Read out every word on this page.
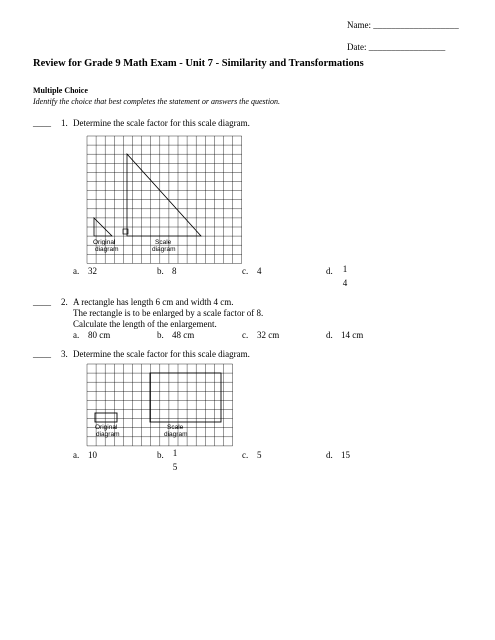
Name: ___________________
Date: _________________
Review for Grade 9 Math Exam - Unit 7 - Similarity and Transformations
Multiple Choice
Identify the choice that best completes the statement or answers the question.
____ 1. Determine the scale factor for this scale diagram.
Original
diagram
Scale
diagram
a. 32	b. 8	c. 4	d.	1
4
____ 2. A rectangle has length 6 cm and width 4 cm.
The rectangle is to be enlarged by a scale factor of 8.
Calculate the length of the enlargement.
a. 80 cm	b. 48 cm	c. 32 cm	d. 14 cm
____ 3. Determine the scale factor for this scale diagram.
Original
diagram
Scale
diagram
a. 10	b.	1
5
c. 5	d. 15
